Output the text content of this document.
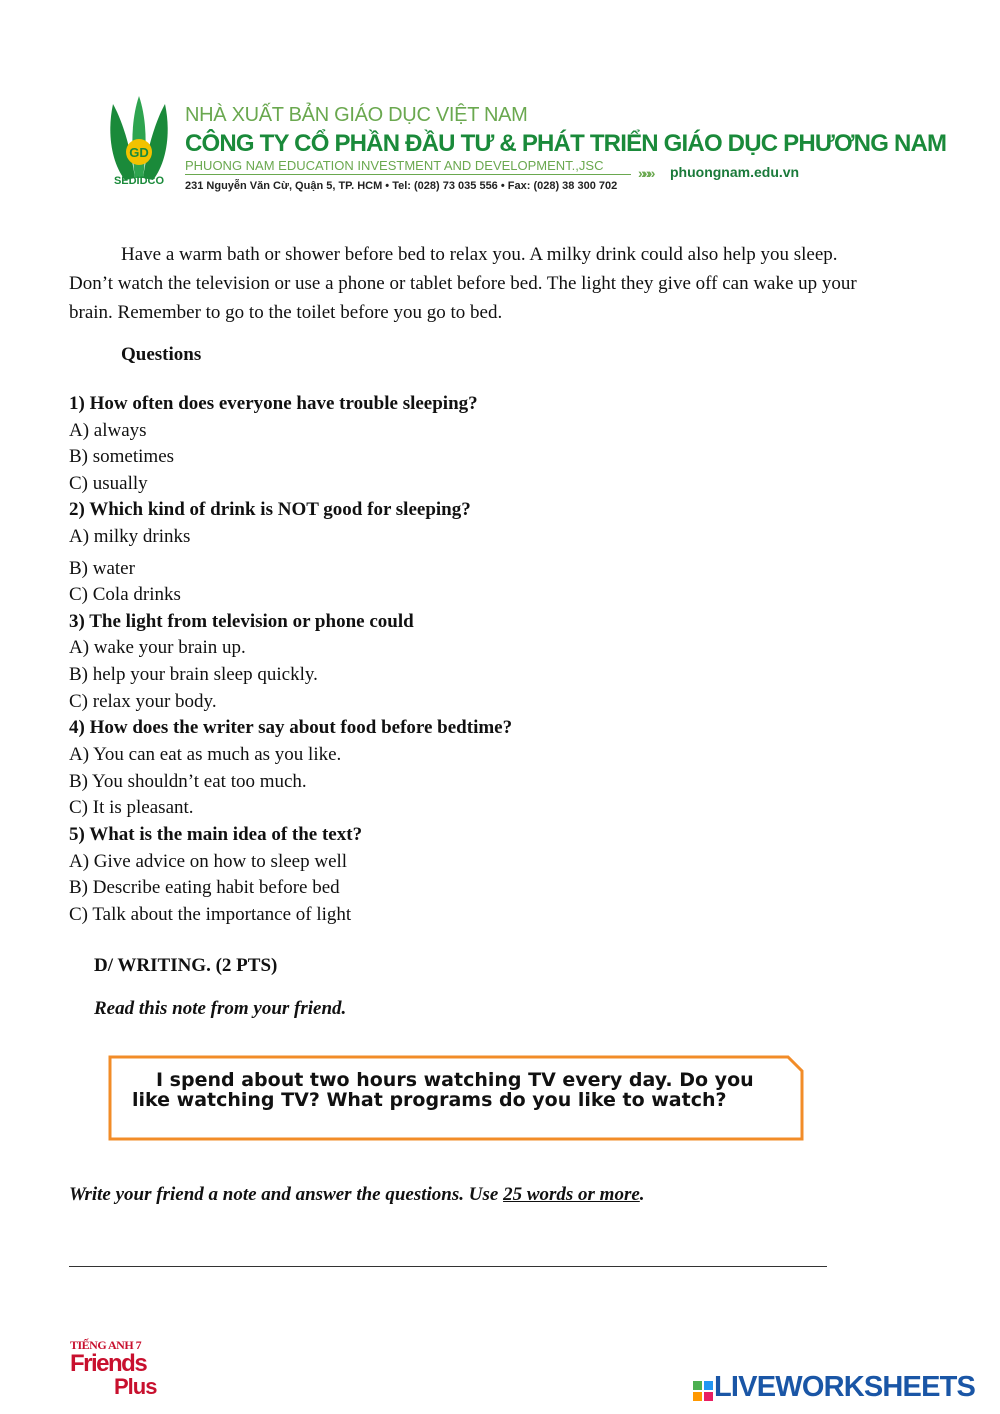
GD
SEDIDCO
NHÀ XUẤT BẢN GIÁO DỤC VIỆT NAM
CÔNG TY CỔ PHẦN ĐẦU TƯ & PHÁT TRIỂN GIÁO DỤC PHƯƠNG NAM
PHUONG NAM EDUCATION INVESTMENT AND DEVELOPMENT.,JSC
231 Nguyễn Văn Cừ, Quận 5, TP. HCM • Tel: (028) 73 035 556 • Fax: (028) 38 300 702
»»» phuongnam.edu.vn
Have a warm bath or shower before bed to relax you. A milky drink could also help you sleep. Don’t watch the television or use a phone or tablet before bed. The light they give off can wake up your brain. Remember to go to the toilet before you go to bed.
Questions
1) How often does everyone have trouble sleeping?
A) always
B) sometimes
C) usually
2) Which kind of drink is NOT good for sleeping?
A) milky drinks
B) water
C) Cola drinks
3) The light from television or phone could
A) wake your brain up.
B) help your brain sleep quickly.
C) relax your body.
4) How does the writer say about food before bedtime?
A) You can eat as much as you like.
B) You shouldn’t eat too much.
C) It is pleasant.
5) What is the main idea of the text?
A) Give advice on how to sleep well
B) Describe eating habit before bed
C) Talk about the importance of light
D/ WRITING. (2 PTS)
Read this note from your friend.
I spend about two hours watching TV every day. Do you like watching TV? What programs do you like to watch?
Write your friend a note and answer the questions. Use 25 words or more.
TIẾNG ANH 7
Friends
Plus	LIVEWORKSHEETS
